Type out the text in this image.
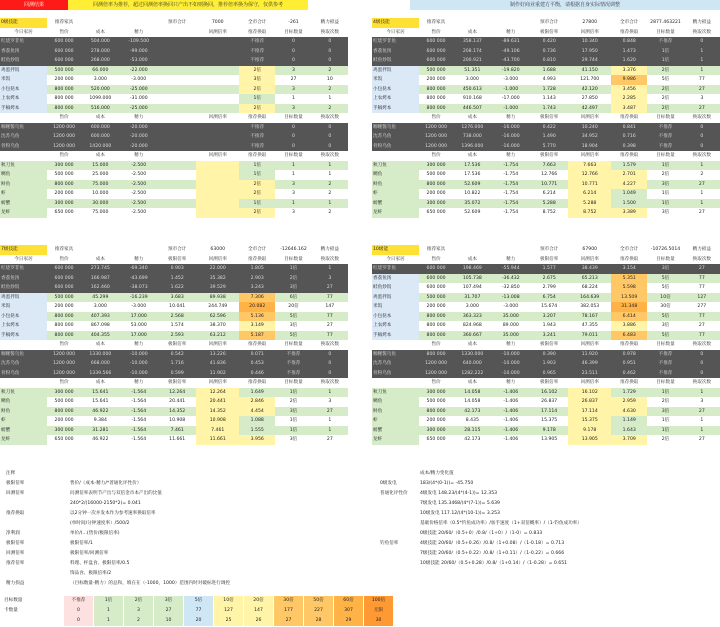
回测结果	回测倍率为推荐，超过回测倍率换回只产出不如则换回，推荐倍率换为保守，仅供参考	制作好商业重建方平衡，请根据自身实际情况调整
0级技能	推荐家具			预市合计	7000	全市合计	-261	精力损益
今日家居	售价	成本	精力		回测倍率	推荐换取	目标数量	换取次数
红烧罗非鱼	600 000	504.000	-109.500			不推荐	0	0
香荔鱼汤	600 000	278.000	-99.000			不推荐	0	0
鲑鱼炒饭	600 000	268.000	-53.000			不推荐	0	0
鸡蛋拌饭	500 000	66.000	-22.000			2倍	3	2
米饭	200 000	3.000	-3.000			3倍	27	10
小包挞本	800 000	520.000	-25.000			2倍	3	2
上农烤本	800 000	1099.000	-31.000			1倍	1	1
手稿烤本	800 000	516.000	-25.000			2倍	3	2
	售价	成本	精力		回测倍率	推荐换取	目标数量	换取次数
咖喱酱乌鱼	1200 000	600.000	-20.000			不推荐	0	0
沈苏乌鱼	1200 000	600.000	-20.000			不推荐	0	0
骨粉乌鱼	1200 000	1420.000	-20.000			不推荐	0	0
	售价	成本	精力		回测倍率	推荐换取	目标数量	换取次数
秋刀鱼	300 000	15.000	-2.500			1倍	1	1
鲷鱼	500 000	25.000	-2.500			1倍	1	1
鲟鱼	800 000	75.000	-2.500			2倍	3	2
虾	200 000	10.000	-2.500			2倍	3	2
螃蟹	300 000	30.000	-2.500			1倍	1	1
龙虾	650 000	75.000	-2.500			2倍	3	2
4级技能	推荐家具			预市合计	27800	全市合计	2877.463221	精力损益
今日家居	售价	成本	精力	极限倍率	回测倍率	推荐换取	目标数量	换取次数
红烧罗非鱼	600 000	358.137	-89.631	0.420	10.340	0.848	不推荐	0
香荔鱼汤	600 000	208.174	-49.106	0.736	17.950	1.473	1倍	1
鲑鱼炒饭	600 000	200.921	-43.700	0.810	29.744	1.620	1倍	1
鸡蛋拌饭	500 000	51.351	-19.820	1.688	41.150	3.376	2倍	1
米饭	200 000	3.000	-3.000	4.993	121.700	9.986	5倍	77
小包挞本	800 000	450.613	-1.000	1.728	42.120	3.456	2倍	27
上农烤本	800 000	910.168	-17.000	1.143	27.850	2.285	2倍	3
手稿烤本	800 000	446.507	-1.000	1.743	42.497	3.487	2倍	27
	售价	成本	精力	极限倍率	回测倍率	推荐换取	目标数量	换取次数
咖喱酱乌鱼	1200 000	1276.000	-16.000	0.422	10.240	0.841	不推荐	0
沈苏乌鱼	1200 000	738.000	-16.000	1.490	34.952	0.716	不推荐	0
骨粉乌鱼	1200 000	1396.000	-16.000	5.770	18.904	0.398	不推荐	0
	售价	成本	精力	极限倍率	回测倍率	推荐换取	目标数量	换取次数
秋刀鱼	300 000	17.536	-1.754	7.663	7.663	1.579	1倍	1
鲷鱼	500 000	17.536	-1.754	12.766	12.766	2.701	2倍	2
鲟鱼	800 000	52.609	-1.754	10.771	10.771	4.227	3倍	27
虾	200 000	10.822	-1.754	6.214	6.214	1.049	1倍	1
螃蟹	300 000	35.072	-1.754	5.288	5.288	1.500	1倍	1
龙虾	650 000	52.609	-1.754	8.752	8.752	3.389	3倍	27
7级技能	推荐家具			预市合计	63000	全市合计	-12646.162	精力损益
今日家居	售价	成本	精力	极限倍率	回测倍率	推荐换取	目标数量	换取次数
红烧罗非鱼	600 000	273.745	-69.340	0.903	22.000	1.805	1倍	1
香荔鱼汤	600 000	166.987	-43.699	1.452	35.382	2.903	2倍	3
鲑鱼炒饭	600 000	162.460	-38.073	1.622	39.529	3.243	3倍	27
鸡蛋拌饭	500 000	45.299	-16.239	3.683	89.938	7.306	6倍	77
米饭	200 000	3.000	-3.000	10.041	244.749	20.082	20倍	147
小包挞本	800 000	407.393	17.000	2.568	62.596	5.136	5倍	77
上农烤本	800 000	867.098	53.000	1.574	38.370	3.149	3倍	27
手稿烤本	800 000	404.355	17.000	2.593	63.212	5.187	5倍	77
	售价	成本	精力	极限倍率	回测倍率	推荐换取	目标数量	换取次数
咖喱酱乌鱼	1200 000	1330.000	-10.000	0.542	13.226	0.071	不推荐	0
沈苏乌鱼	1200 000	668.000	-10.000	1.716	41.836	0.453	不推荐	0
骨粉乌鱼	1200 000	1339.566	-10.000	0.599	11.902	0.446	不推荐	0
	售价	成本	精力	极限倍率	回测倍率	推荐换取	目标数量	换取次数
秋刀鱼	300 000	15.641	-1.564	12.264	12.264	1.649	1倍	1
鲷鱼	500 000	15.641	-1.564	20.441	20.441	2.846	2倍	3
鲟鱼	800 000	46.922	-1.564	14.352	14.352	4.454	3倍	27
虾	200 000	9.384	-1.564	10.908	10.908	1.088	1倍	1
螃蟹	300 000	31.281	-1.564	7.461	7.461	1.555	1倍	1
龙虾	650 000	46.922	-1.564	11.661	11.661	3.956	3倍	27
10级能	推荐家具			预市合计	67900	全市合计	-10726.5014	精力损益
今日家居	售价	成本	精力	极限倍率	回测倍率	推荐换取	目标数量	换取次数
红烧罗非鱼	600 000	198.469	-55.944	1.577	38.439	3.154	3倍	27
香荔鱼汤	600 000	105.738	-36.432	2.675	65.213	5.351	5倍	77
鲑鱼炒饭	600 000	107.494	-32.850	2.799	68.224	5.598	5倍	77
鸡蛋拌饭	500 000	31.707	-13.008	6.754	164.639	13.509	10倍	127
米饭	200 000	3.000	-3.000	15.674	382.053	31.348	30倍	277
小包挞本	800 000	363.323	35.000	3.207	78.167	6.414	5倍	77
上农烤本	800 000	824.968	89.000	1.943	47.355	3.886	3倍	27
手稿烤本	800 000	360.667	35.000	3.241	79.011	6.483	5倍	77
	售价	成本	精力	极限倍率	回测倍率	推荐换取	目标数量	换取次数
咖喱酱乌鱼	800 000	1330.000	-10.000	0.390	11.920	0.978	不推荐	0
沈苏乌鱼	1200 000	640.000	-10.000	1.903	46.399	0.951	不推荐	0
骨粉乌鱼	1200 000	1282.222	-10.000	0.965	23.511	0.462	不推荐	0
	售价	成本	精力	极限倍率	回测倍率	推荐换取	目标数量	换取次数
秋刀鱼	300 000	14.058	-1.406	16.102	16.102	1.729	1倍	1
鲷鱼	500 000	14.058	-1.406	26.837	26.837	2.959	2倍	3
鲟鱼	800 000	42.173	-1.406	17.114	17.114	4.630	3倍	27
虾	200 000	8.435	-1.406	15.375	15.375	1.149	1倍	1
螃蟹	300 000	28.115	-1.406	9.178	9.178	1.643	1倍	1
龙虾	650 000	42.173	-1.406	13.905	13.905	3.709	2倍	27
注释
极限倍率	售价/（成本-精力/*普通化评性价）
回测倍率	问测倍率表明节产出与双倍金币本产出的比值
240*2/(16000-2150*2)= 0.041
推荐换取	以2分钟一次并发本作为参考速率换取倍率
(单时间/分钟速度率）/500/2
净利润	单价/(...(售价/极限倍率)
极限倍率	极限倍率/1
回测倍率	极限倍率/回测倍率
推荐倍率	料理、杯盘食、极限倍率/0.5
饰品食、极限倍率/2
精力损益	（目标数量-精力）的总和，填在在（-1000，1000）范围内时对破标进行调控
成本/精力变化值
0级发电	183/(4*(0-1))= -45.750
普通化评性价	4级发电 148.23/(4*(4-1))= 12.353
7级发电 135.3468/(4*(7-1))= 5.639
10级发电 117.12/(4*(10-1))= 3.253
基础价格倍率（0.5*钓鱼成功率）/加手速度（1+双倍概率）/（1-钓鱼成功率）
0级技能 20/60/（0.5+0）/0.8/（1+0）/（1-0）= 0.833
钓鱼倍率	4级技能 20/60/（0.5+0.26）/0.8/（1+0.08）/（1-0.18）= 0.713
7级技能 20/60/（0.5+0.22）/0.8/（1+0.11）/（1-0.22）= 0.666
10级技能 20/60/（0.5+0.28）/0.8/（1+0.14）/（1-0.28）= 0.651
目标数量
卡数量
不推荐	1倍	2倍	3倍	5倍	10倍	20倍	30倍	50倍	60倍	100倍
0	1	3	27	77	127	147	177	227	307	无限
0	1	2	10	20	25	26	27	28	29	30
